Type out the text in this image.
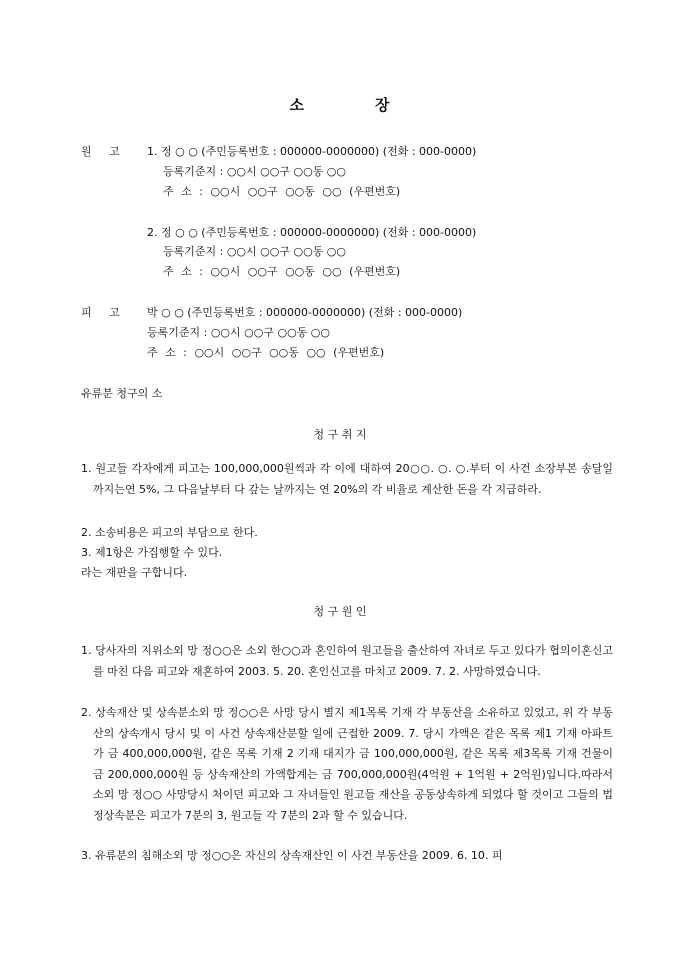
소	장
원 고 1. 정 ○ ○ (주민등록번호 : 000000-0000000) (전화 : 000-0000)
등록기준지 : ○○시 ○○구 ○○동 ○○
주 소 : ○○시 ○○구 ○○동 ○○ (우편번호)
2. 정 ○ ○ (주민등록번호 : 000000-0000000) (전화 : 000-0000)
등록기준지 : ○○시 ○○구 ○○동 ○○
주 소 : ○○시 ○○구 ○○동 ○○ (우편번호)
피 고 박 ○ ○ (주민등록번호 : 000000-0000000) (전화 : 000-0000)
등록기준지 : ○○시 ○○구 ○○동 ○○
주 소 : ○○시 ○○구 ○○동 ○○ (우편번호)
유류분 청구의 소
청 구 취 지
1. 원고들 각자에게 피고는 100,000,000원씩과 각 이에 대하여 20○○. ○. ○.부터 이 사건 소장부본 송달일까지는연 5%, 그 다음날부터 다 갚는 날까지는 연 20%의 각 비율로 계산한 돈을 각 지급하라.
2. 소송비용은 피고의 부담으로 한다.
3. 제1항은 가집행할 수 있다.
라는 재판을 구합니다.
청 구 원 인
1. 당사자의 지위소외 망 정○○은 소외 한○○과 혼인하여 원고들을 출산하여 자녀로 두고 있다가 협의이혼신고를 마친 다음 피고와 재혼하여 2003. 5. 20. 혼인신고를 마치고 2009. 7. 2. 사망하였습니다.
2. 상속재산 및 상속분소외 망 정○○은 사망 당시 별지 제1목록 기재 각 부동산을 소유하고 있었고, 위 각 부동산의 상속개시 당시 및 이 사건 상속재산분할 일에 근접한 2009. 7. 당시 가액은 같은 목록 제1 기재 아파트가 금 400,000,000원, 같은 목록 기재 2 기재 대지가 금 100,000,000원, 같은 목록 제3목록 기재 건물이 금 200,000,000원 등 상속재산의 가액합계는 금 700,000,000원(4억원 + 1억원 + 2억원)입니다.따라서 소외 망 정○○ 사망당시 처이던 피고와 그 자녀들인 원고들 재산을 공동상속하게 되었다 할 것이고 그들의 법정상속분은 피고가 7분의 3, 원고들 각 7분의 2과 할 수 있습니다.
3. 유류분의 침해소외 망 정○○은 자신의 상속재산인 이 사건 부동산을 2009. 6. 10. 피
